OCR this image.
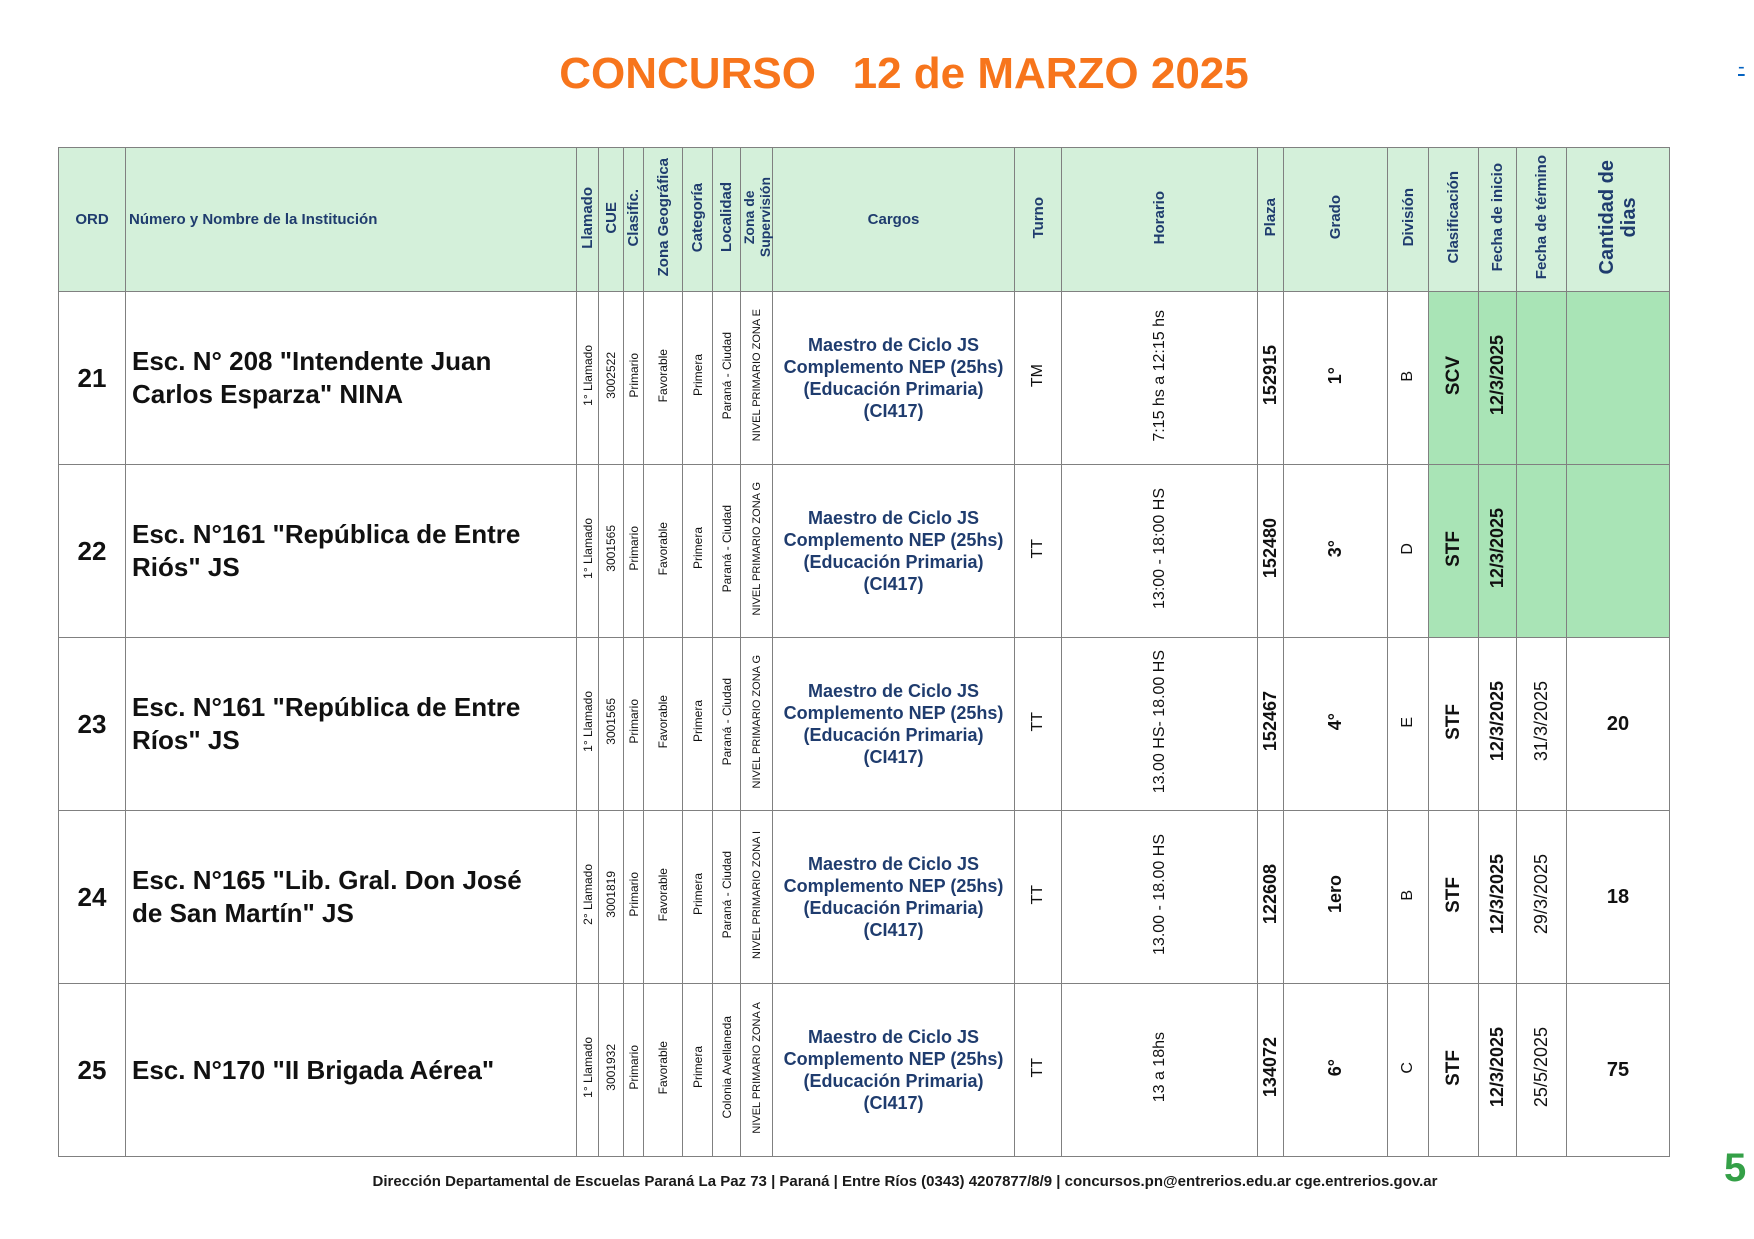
CONCURSO   12 de MARZO 2025	-
ORD	Número y Nombre de la Institución	Llamado	CUE	Clasific.	Zona Geográfica	Categoría	Localidad	Zona de Supervisión	Cargos	Turno	Horario	Plaza	Grado	División	Clasificación	Fecha de inicio	Fecha de término	Cantidad de dias

21	Esc. N° 208 "Intendente Juan
Carlos Esparza" NINA	1° Llamado	3002522	Primario	Favorable	Primera	Paraná - Ciudad	NIVEL PRIMARIO ZONA E	Maestro de Ciclo JS
Complemento NEP (25hs)
(Educación Primaria)
(CI417)	TM	7:15 hs a 12:15 hs	152915	1°	B	SCV	12/3/2025		
22	Esc. N°161 "República de Entre
Riós" JS	1° Llamado	3001565	Primario	Favorable	Primera	Paraná - Ciudad	NIVEL PRIMARIO ZONA G	Maestro de Ciclo JS
Complemento NEP (25hs)
(Educación Primaria)
(CI417)	TT	13:00 - 18:00 HS	152480	3°	D	STF	12/3/2025		
23	Esc. N°161 "República de Entre
Ríos" JS	1° Llamado	3001565	Primario	Favorable	Primera	Paraná - Ciudad	NIVEL PRIMARIO ZONA G	Maestro de Ciclo JS
Complemento NEP (25hs)
(Educación Primaria)
(CI417)	TT	13.00 HS- 18.00 HS	152467	4°	E	STF	12/3/2025	31/3/2025	20
24	Esc. N°165 "Lib. Gral. Don José
de San Martín" JS	2° Llamado	3001819	Primario	Favorable	Primera	Paraná - Ciudad	NIVEL PRIMARIO ZONA I	Maestro de Ciclo JS
Complemento NEP (25hs)
(Educación Primaria)
(CI417)	TT	13.00 - 18.00 HS	122608	1ero	B	STF	12/3/2025	29/3/2025	18
25	Esc. N°170 "II Brigada Aérea"	1° Llamado	3001932	Primario	Favorable	Primera	Colonia Avellaneda	NIVEL PRIMARIO ZONA A	Maestro de Ciclo JS
Complemento NEP (25hs)
(Educación Primaria)
(CI417)	TT	13 a 18hs	134072	6°	C	STF	12/3/2025	25/5/2025	75
Dirección Departamental de Escuelas Paraná La Paz 73 | Paraná | Entre Ríos (0343) 4207877/8/9 | concursos.pn@entrerios.edu.ar cge.entrerios.gov.ar	5
